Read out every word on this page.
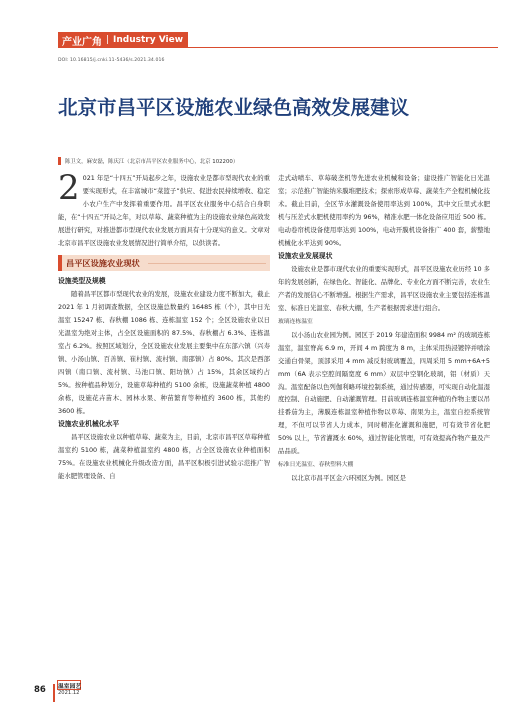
产业广角 | Industry View
DOI: 10.16815/j.cnki.11-5436/s.2021.34.016
北京市昌平区设施农业绿色高效发展建议
陈卫文，麻安磊，陈庆江（北京市昌平区农业服务中心，北京 102200）
2 021 年是“十四五”开局起步之年，设施农业是都市型现代农业的重要实现形式，在丰富城市“菜篮子”供应、促进农民持续增收、稳定小农户生产中发挥着重要作用。昌平区农业服务中心结合自身职能，在“十四五”开局之年，对以草莓、蔬菜种植为主的设施农业绿色高效发展进行研究，对推进都市型现代农业发展方面具有十分现实的意义。文章对北京市昌平区设施农业发展情况进行简单介绍，以供读者。
昌平区设施农业现状
设施类型及规模

随着昌平区都市型现代农业的发展，设施农业建设力度不断加大，截止 2021 年 1 月初调查数据，全区设施总数量约 16485 栋（个），其中日光温室 15247 栋、春秋棚 1086 栋、连栋温室 152 个；全区设施农业以日光温室为绝对主体，占全区设施面积的 87.5%、春秋棚占 6.3%、连栋温室占 6.2%。按照区域划分，全区设施农业发展主要集中在东部六镇（兴寿镇、小汤山镇、百善镇、崔村镇、流村镇、南邵镇）占 80%。其次是西部四镇（南口镇、流村镇、马池口镇、阳坊镇）占 15%，其余区域约占 5%。按种植品种划分，设施草莓种植约 5100 余栋，设施蔬菜种植 4800 余栋，设施花卉苗木、园林水果、种苗繁育等种植约 3600 栋，其他约 3600 栋。

设施农业机械化水平

昌平区设施农业以种植草莓、蔬菜为主，目前，北京市昌平区草莓种植温室约 5100 栋，蔬菜种植温室约 4800 栋，占全区设施农业种植面积 75%。在设施农业机械化升级改造方面，昌平区积极引进试验示范推广智能水肥管理设备、自

走式动喷车、草莓破垄机等先进农业机械和设备；建设推广智能化日光温室；示范推广智能纳米膜堆肥技术；探索形成草莓、蔬菜生产全程机械化技术。截止目前，全区节水灌溉设备使用率达到 100%，其中文丘里式水肥机与压差式水肥机使用率约为 96%，精准水肥一体化设备应用近 500 栋。电动卷帘机设备使用率达到 100%，电动开膜机设备推广 400 套，薪整地机械化水平达到 90%。

设施农业发展现状

设施农业是都市现代农业的重要实现形式，昌平区设施农业历经 10 多年的发展创新，在绿色化、智能化、品牌化、专业化方面不断完善，农业生产者的发展信心不断增强。根据生产需求，昌平区设施农业主要包括连栋温室、标准日光温室、春秋大棚，生产者根据需求进行组合。

玻璃连栋温室

以小汤山农业园为例。园区于 2019 年建造面积 9984 m² 的玻璃连栋温室，温室脊高 6.9 m，开间 4 m 跨度为 8 m，主体采用热浸镀锌并喷涂交通白骨架，顶部采用 4 mm 减反射玻璃覆盖，四周采用 5 mm+6A+5 mm（6A 表示空腔间隔宽度 6 mm）双层中空钢化玻璃，铝（材质）天沟。温室配备以色列伽利略环境控制系统，通过传感器，可实现自动化温湿度控制、自动施肥、自动灌溉管理。目前玻璃连栋温室种植的作物主要以吊挂番茄为主，薄膜连栋温室种植作物以草莓、南果为主，温室自控系统管理，不但可以节省人力成本，同时精准化灌溉和施肥，可有效节省化肥 50% 以上，节省灌溉水 60%，通过智能化管理，可有效提高作物产量及产品品质。

标准日光温室、春秋塑料大棚

以北京市昌平区金六环园区为例。园区是

86 温室园艺
2021.12
